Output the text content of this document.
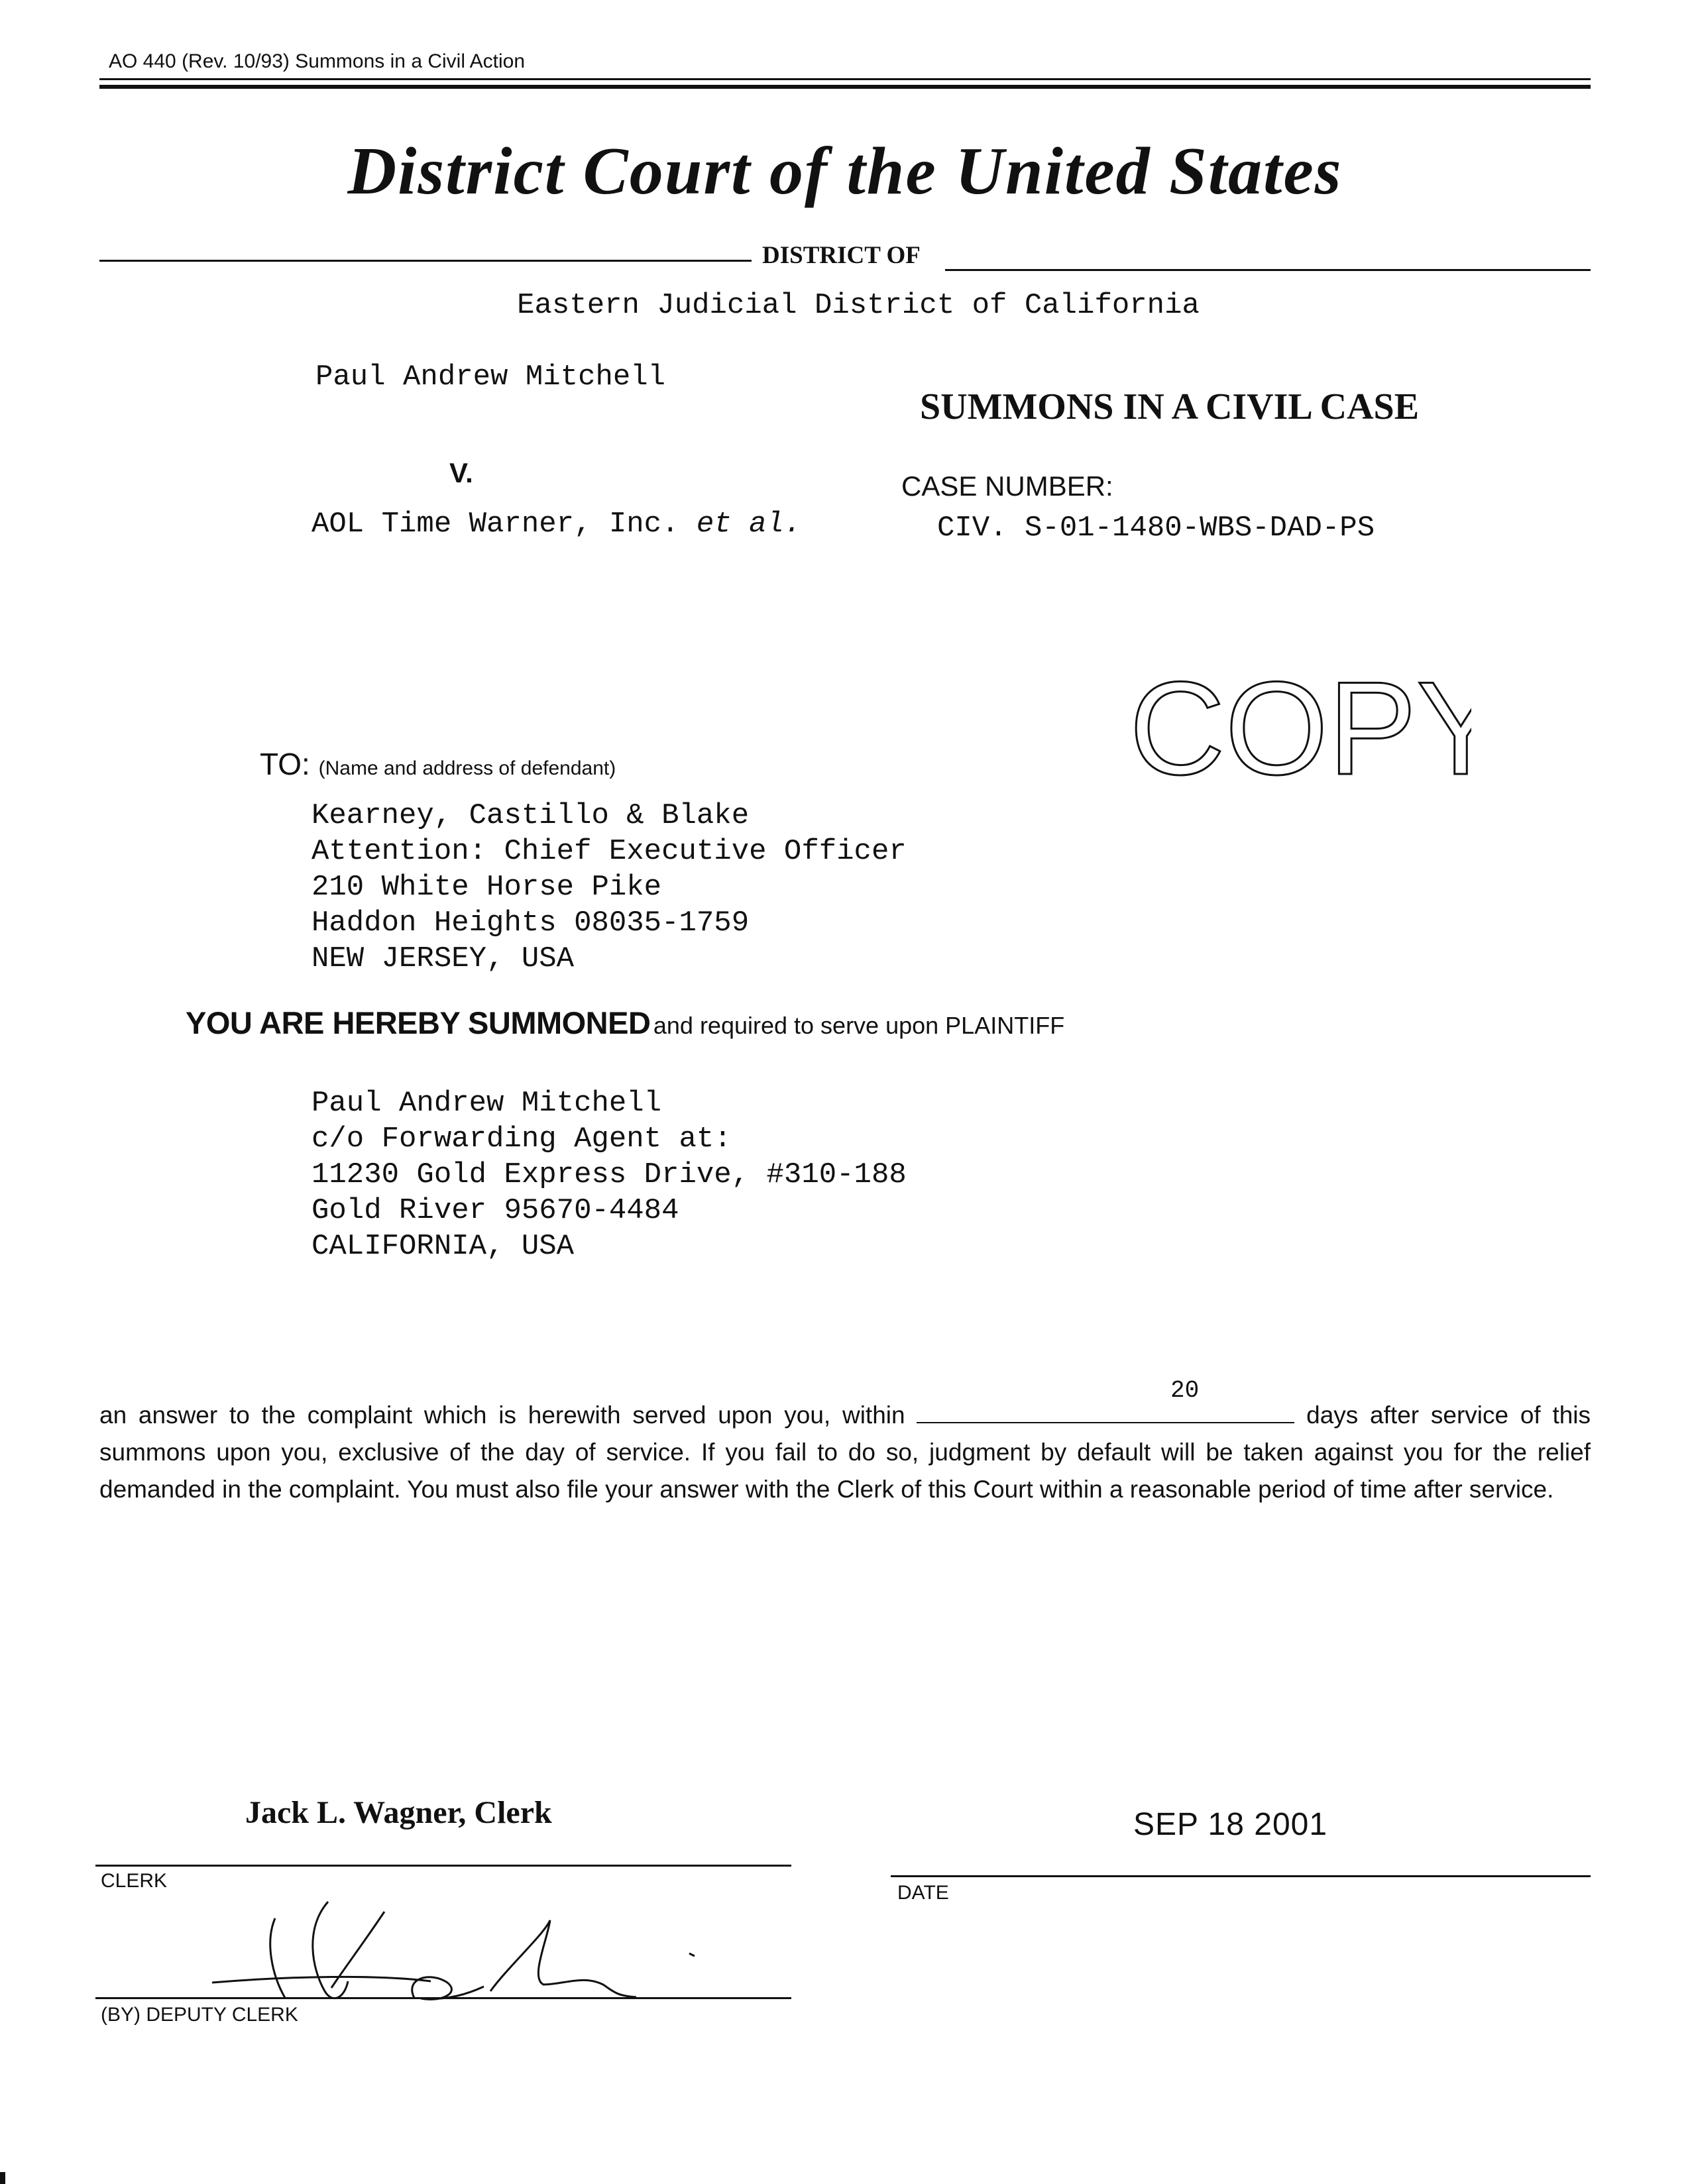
AO 440 (Rev. 10/93) Summons in a Civil Action
District Court of the United States
DISTRICT OF
Eastern Judicial District of California
Paul Andrew Mitchell
SUMMONS IN A CIVIL CASE
V.	CASE NUMBER:
AOL Time Warner, Inc. et al.	CIV. S-01-1480-WBS-DAD-PS
COPY
TO: (Name and address of defendant)
Kearney, Castillo & Blake
Attention: Chief Executive Officer
210 White Horse Pike
Haddon Heights 08035-1759
NEW JERSEY, USA
YOU ARE HEREBY SUMMONED and required to serve upon PLAINTIFF
Paul Andrew Mitchell
c/o Forwarding Agent at:
11230 Gold Express Drive, #310-188
Gold River 95670-4484
CALIFORNIA, USA
20

an answer to the complaint which is herewith served upon you, within	days after service of this summons upon you, exclusive of the day of service. If you fail to do so, judgment by default will be taken against you for the relief demanded in the complaint. You must also file your answer with the Clerk of this Court within a reasonable period of time after service.

Jack L. Wagner, Clerk	SEP 18 2001
CLERK
DATE
(BY) DEPUTY CLERK
